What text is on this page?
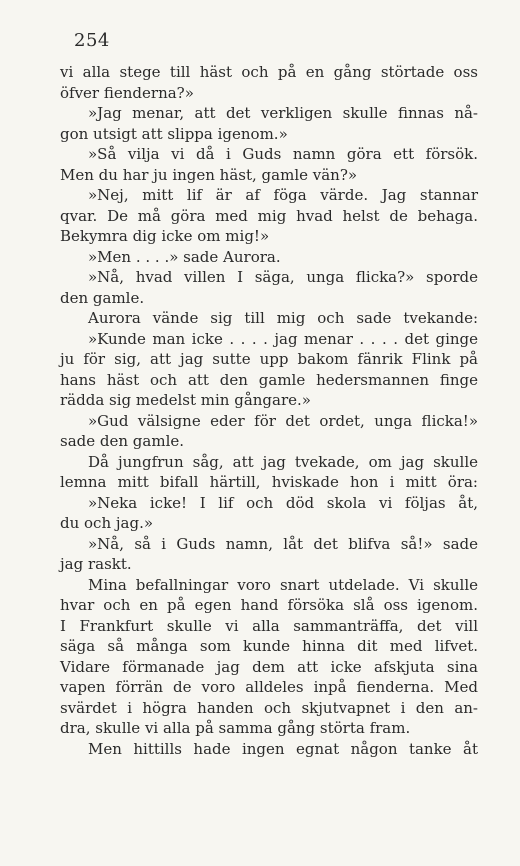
254
vi alla stege till häst och på en gång störtade oss
öfver fienderna?»
»Jag menar, att det verkligen skulle finnas nå-
gon utsigt att slippa igenom.»
»Så vilja vi då i Guds namn göra ett försök.
Men du har ju ingen häst, gamle vän?»
»Nej, mitt lif är af föga värde. Jag stannar
qvar. De må göra med mig hvad helst de behaga.
Bekymra dig icke om mig!»
»Men . . . .» sade Aurora.
»Nå, hvad villen I säga, unga flicka?» sporde
den gamle.
Aurora vände sig till mig och sade tvekande:
»Kunde man icke . . . . jag menar . . . . det ginge
ju för sig, att jag sutte upp bakom fänrik Flink på
hans häst och att den gamle hedersmannen finge
rädda sig medelst min gångare.»
»Gud välsigne eder för det ordet, unga flicka!»
sade den gamle.
Då jungfrun såg, att jag tvekade, om jag skulle
lemna mitt bifall härtill, hviskade hon i mitt öra:
»Neka icke! I lif och död skola vi följas åt,
du och jag.»
»Nå, så i Guds namn, låt det blifva så!» sade
jag raskt.
Mina befallningar voro snart utdelade. Vi skulle
hvar och en på egen hand försöka slå oss igenom.
I Frankfurt skulle vi alla sammanträffa, det vill
säga så många som kunde hinna dit med lifvet.
Vidare förmanade jag dem att icke afskjuta sina
vapen förrän de voro alldeles inpå fienderna. Med
svärdet i högra handen och skjutvapnet i den an-
dra, skulle vi alla på samma gång störta fram.
Men hittills hade ingen egnat någon tanke åt
